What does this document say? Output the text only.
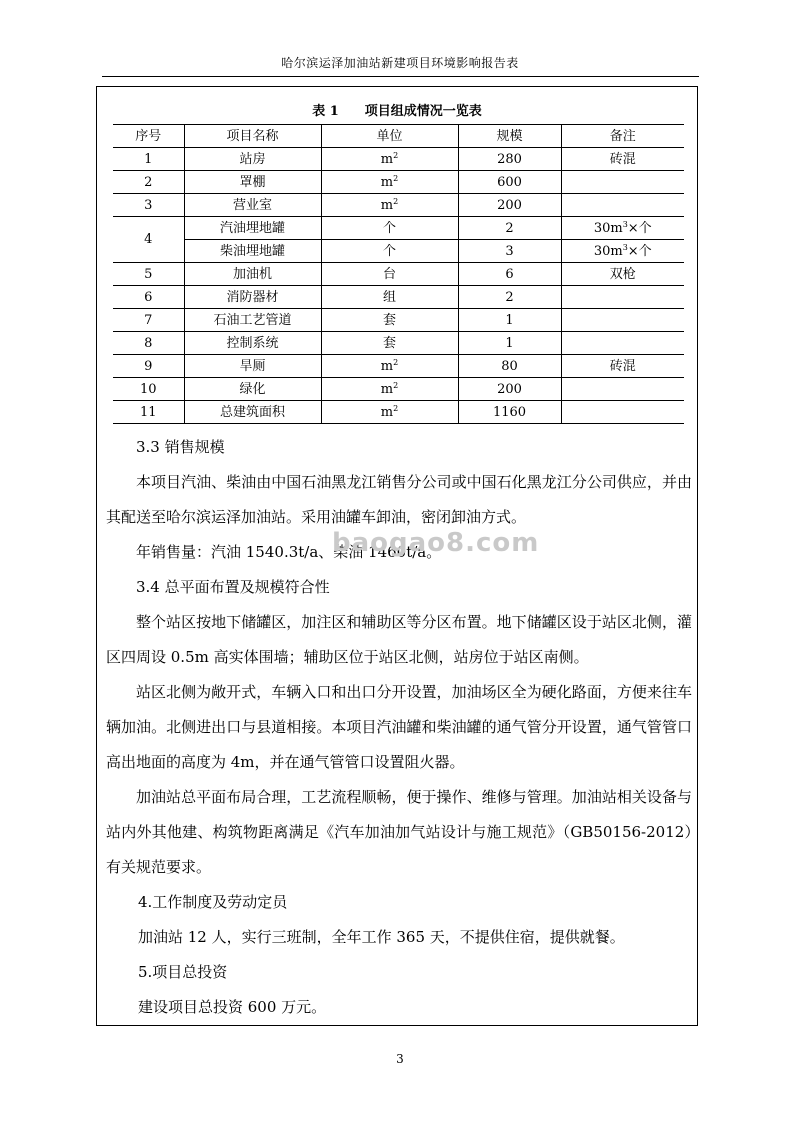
哈尔滨运泽加油站新建项目环境影响报告表
表 1 项目组成情况一览表
序号	项目名称	单位	规模	备注
1	站房	$m^2$	280	砖混
2	罩棚	$m^2$	600	
3	营业室	$m^2$	200	
4	汽油埋地罐	个	2	$30m^3\times$个
	柴油埋地罐	个	3	$30m^3\times$个
5	加油机	台	6	双枪
6	消防器材	组	2	
7	石油工艺管道	套	1	
8	控制系统	套	1	
9	旱厕	$m^2$	80	砖混
10	绿化	$m^2$	200	
11	总建筑面积	$m^2$	1160	

3.3 销售规模

本项目汽油、柴油由中国石油黑龙江销售分公司或中国石化黑龙江分公司供应，并由其配送至哈尔滨运泽加油站。采用油罐车卸油，密闭卸油方式。

年销售量：汽油 1540.3t/a、柴油 1460t/a。

3.4 总平面布置及规模符合性

整个站区按地下储罐区，加注区和辅助区等分区布置。地下储罐区设于站区北侧，灌区四周设 0.5m 高实体围墙；辅助区位于站区北侧，站房位于站区南侧。

站区北侧为敞开式，车辆入口和出口分开设置，加油场区全为硬化路面，方便来往车辆加油。北侧进出口与县道相接。本项目汽油罐和柴油罐的通气管分开设置，通气管管口高出地面的高度为 4m，并在通气管管口设置阻火器。

加油站总平面布局合理，工艺流程顺畅，便于操作、维修与管理。加油站相关设备与站内外其他建、构筑物距离满足《汽车加油加气站设计与施工规范》（GB50156-2012）有关规范要求。

4.工作制度及劳动定员

加油站 12 人，实行三班制，全年工作 365 天，不提供住宿，提供就餐。

5.项目总投资

建设项目总投资 600 万元。

baogao8.com
3
